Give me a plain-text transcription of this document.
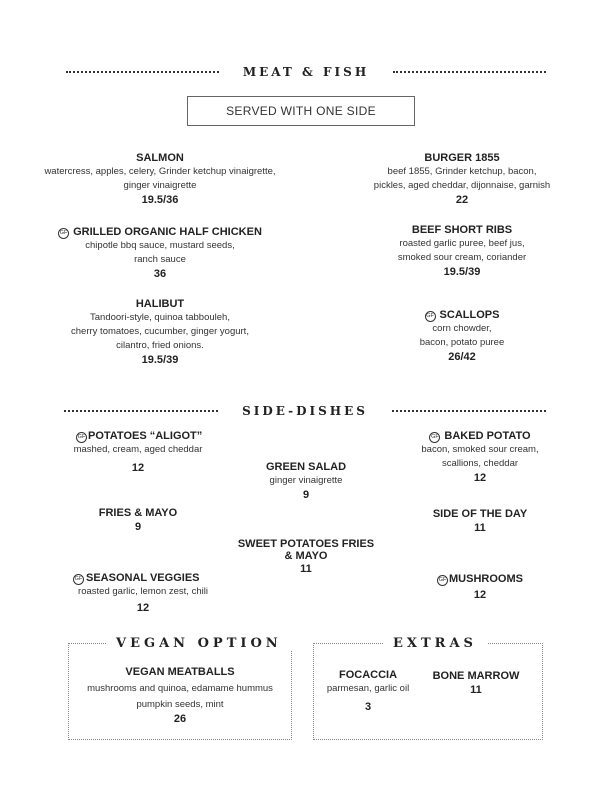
MEAT & FISH
SERVED WITH ONE SIDE
SALMON
watercress, apples, celery, Grinder ketchup vinaigrette,
ginger vinaigrette
19.5/36
GF GRILLED ORGANIC HALF CHICKEN
chipotle bbq sauce, mustard seeds,
ranch sauce
36
HALIBUT
Tandoori-style, quinoa tabbouleh,
cherry tomatoes, cucumber, ginger yogurt,
cilantro, fried onions.
19.5/39
BURGER 1855
beef 1855, Grinder ketchup, bacon,
pickles, aged cheddar, dijonnaise, garnish
22
BEEF SHORT RIBS
roasted garlic puree, beef jus,
smoked sour cream, coriander
19.5/39
GF SCALLOPS
corn chowder,
bacon, potato puree
26/42
SIDE-DISHES
GF POTATOES “ALIGOT”
mashed, cream, aged cheddar
12
FRIES & MAYO
9
GF SEASONAL VEGGIES
roasted garlic, lemon zest, chili
12
GREEN SALAD
ginger vinaigrette
9
SWEET POTATOES FRIES
& MAYO
11
GF BAKED POTATO
bacon, smoked sour cream,
scallions, cheddar
12
SIDE OF THE DAY
11
GF MUSHROOMS
12
VEGAN OPTION
VEGAN MEATBALLS
mushrooms and quinoa, edamame hummus
pumpkin seeds, mint
26
EXTRAS
FOCACCIA
parmesan, garlic oil
3
BONE MARROW
11
